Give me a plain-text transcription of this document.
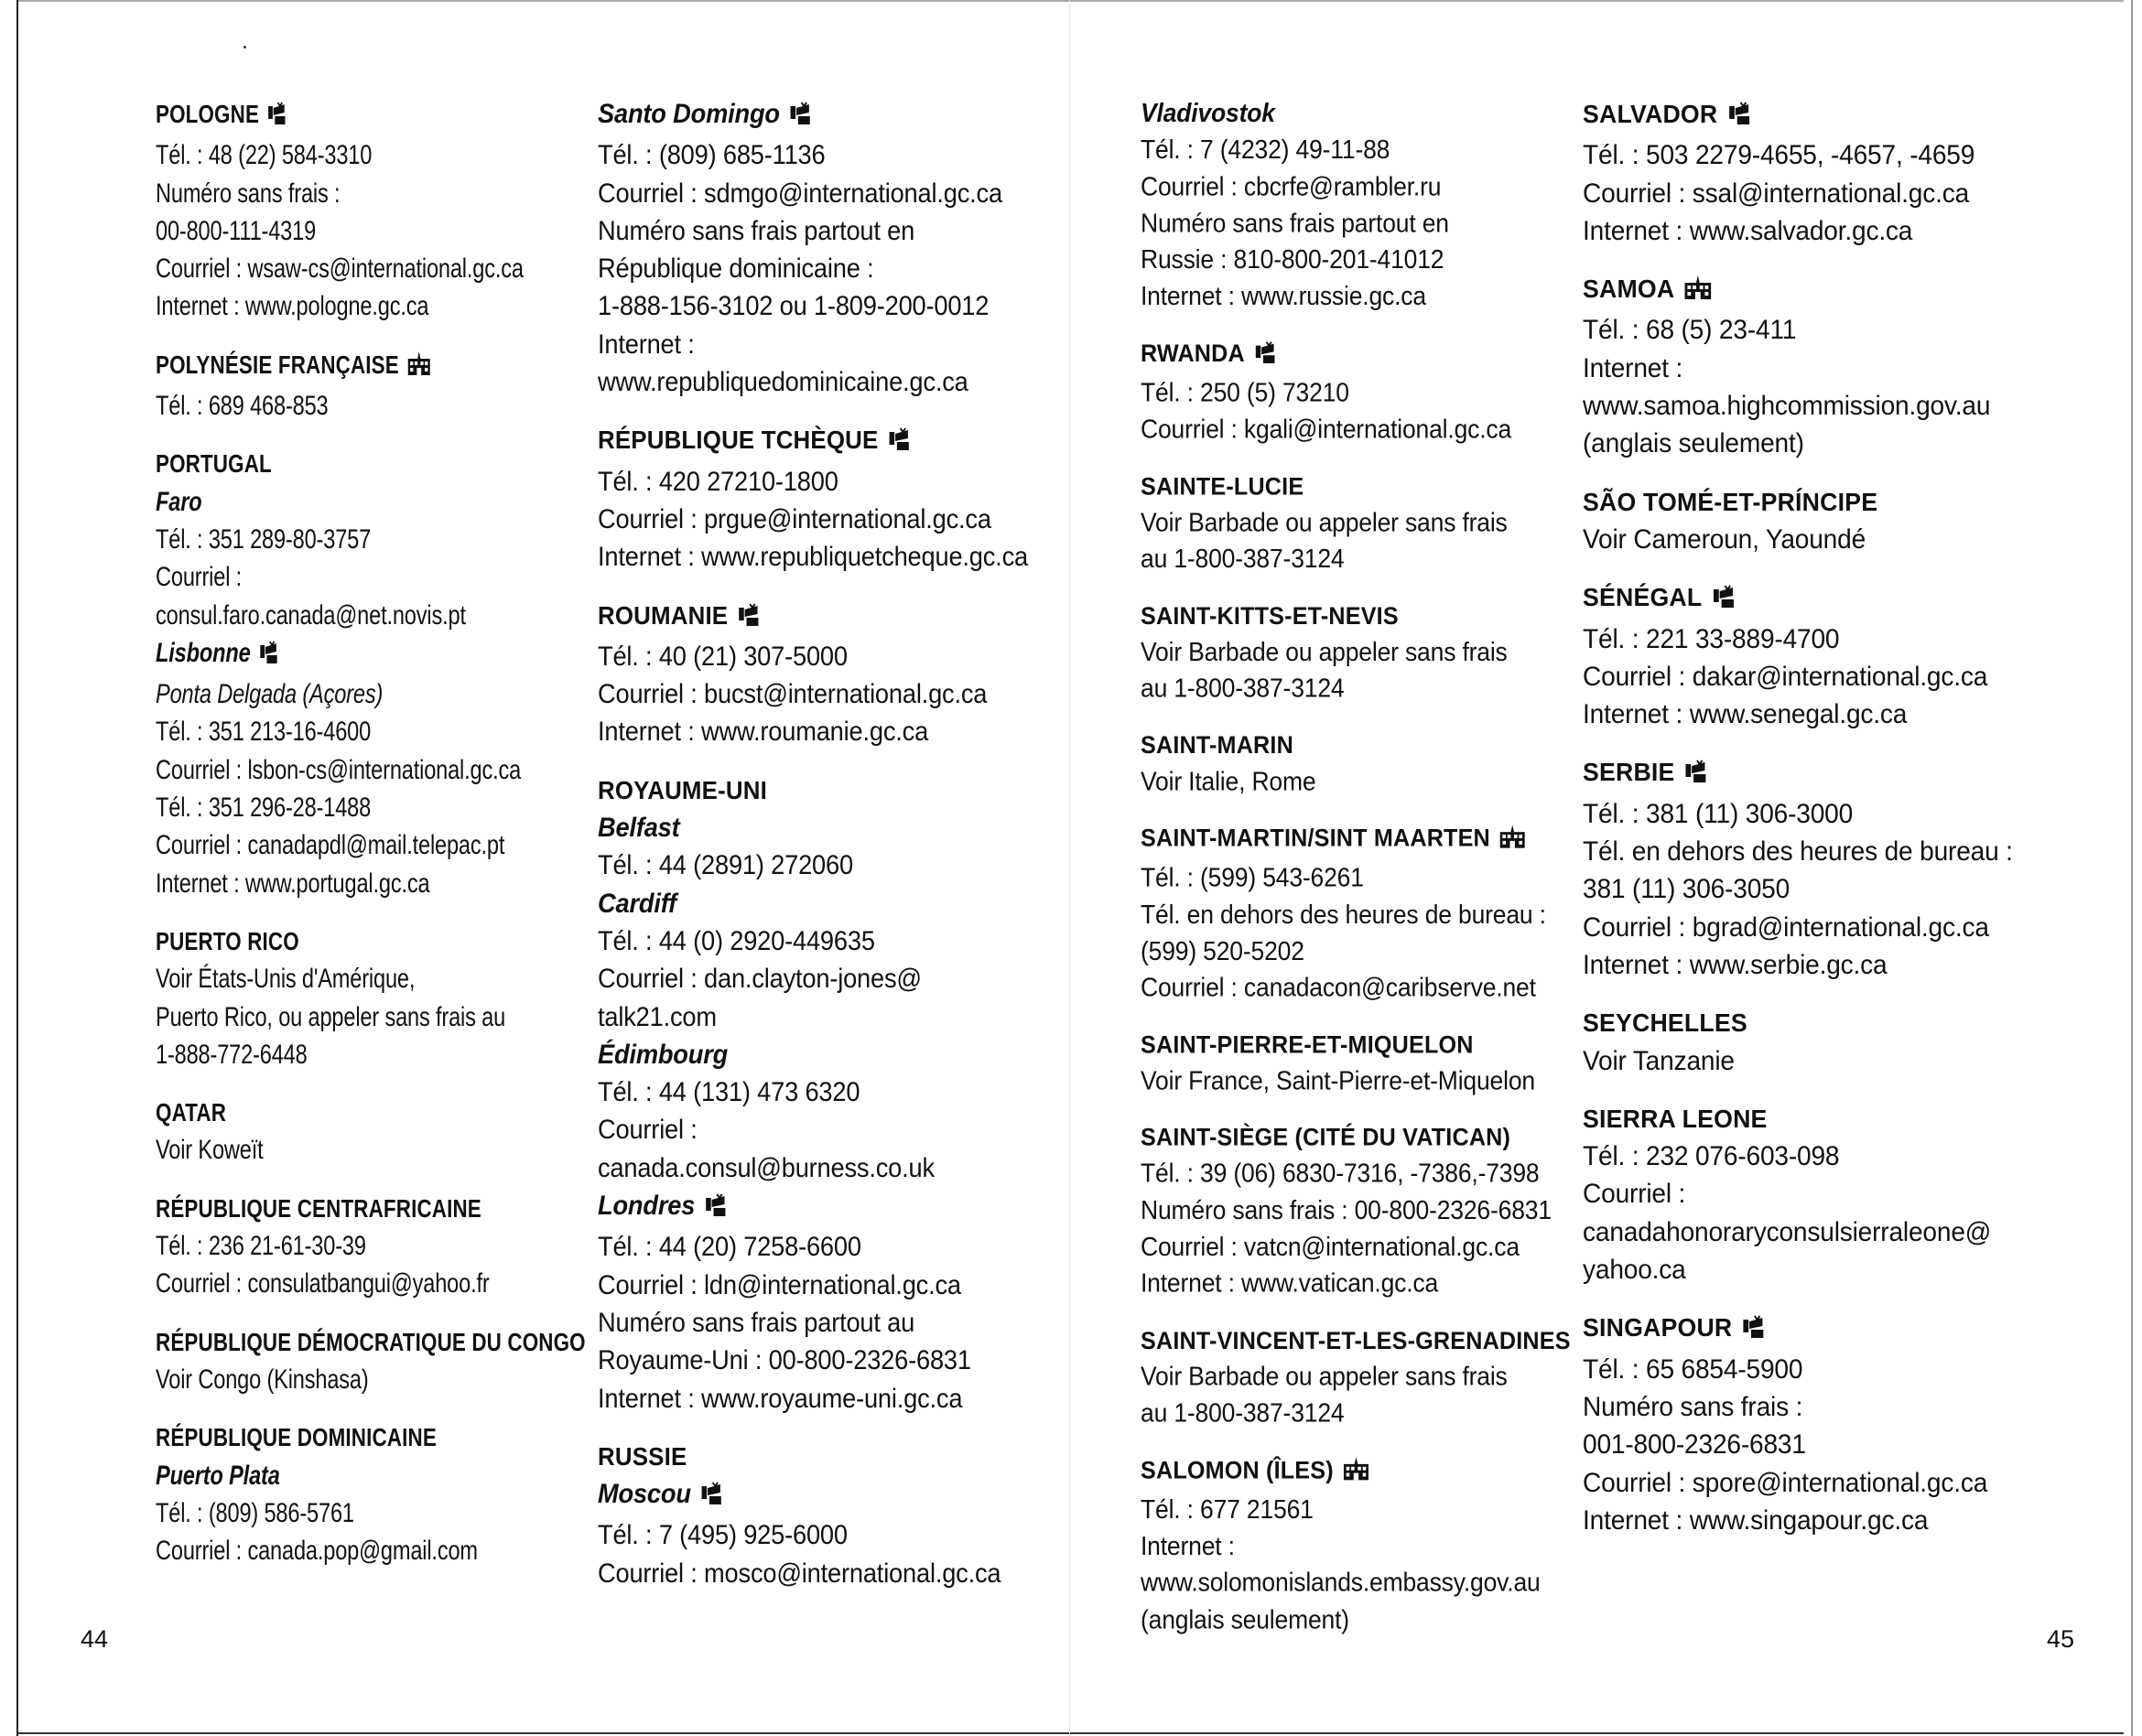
POLOGNE
Tél. : 48 (22) 584-3310
Numéro sans frais :
00-800-111-4319
Courriel : wsaw-cs@international.gc.ca
Internet : www.pologne.gc.ca
POLYNÉSIE FRANÇAISE
Tél. : 689 468-853
PORTUGAL
Faro
Tél. : 351 289-80-3757
Courriel :
consul.faro.canada@net.novis.pt
Lisbonne
Ponta Delgada (Açores)
Tél. : 351 213-16-4600
Courriel : lsbon-cs@international.gc.ca
Tél. : 351 296-28-1488
Courriel : canadapdl@mail.telepac.pt
Internet : www.portugal.gc.ca
PUERTO RICO
Voir États-Unis d'Amérique,
Puerto Rico, ou appeler sans frais au
1-888-772-6448
QATAR
Voir Koweït
RÉPUBLIQUE CENTRAFRICAINE
Tél. : 236 21-61-30-39
Courriel : consulatbangui@yahoo.fr
RÉPUBLIQUE DÉMOCRATIQUE DU CONGO
Voir Congo (Kinshasa)
RÉPUBLIQUE DOMINICAINE
Puerto Plata
Tél. : (809) 586-5761
Courriel : canada.pop@gmail.com
Santo Domingo
Tél. : (809) 685-1136
Courriel : sdmgo@international.gc.ca
Numéro sans frais partout en
République dominicaine :
1-888-156-3102 ou 1-809-200-0012
Internet :
www.republiquedominicaine.gc.ca
RÉPUBLIQUE TCHÈQUE
Tél. : 420 27210-1800
Courriel : prgue@international.gc.ca
Internet : www.republiquetcheque.gc.ca
ROUMANIE
Tél. : 40 (21) 307-5000
Courriel : bucst@international.gc.ca
Internet : www.roumanie.gc.ca
ROYAUME-UNI
Belfast
Tél. : 44 (2891) 272060
Cardiff
Tél. : 44 (0) 2920-449635
Courriel : dan.clayton-jones@
talk21.com
Édimbourg
Tél. : 44 (131) 473 6320
Courriel :
canada.consul@burness.co.uk
Londres
Tél. : 44 (20) 7258-6600
Courriel : ldn@international.gc.ca
Numéro sans frais partout au
Royaume-Uni : 00-800-2326-6831
Internet : www.royaume-uni.gc.ca
RUSSIE
Moscou
Tél. : 7 (495) 925-6000
Courriel : mosco@international.gc.ca
Vladivostok
Tél. : 7 (4232) 49-11-88
Courriel : cbcrfe@rambler.ru
Numéro sans frais partout en
Russie : 810-800-201-41012
Internet : www.russie.gc.ca
RWANDA
Tél. : 250 (5) 73210
Courriel : kgali@international.gc.ca
SAINTE-LUCIE
Voir Barbade ou appeler sans frais
au 1-800-387-3124
SAINT-KITTS-ET-NEVIS
Voir Barbade ou appeler sans frais
au 1-800-387-3124
SAINT-MARIN
Voir Italie, Rome
SAINT-MARTIN/SINT MAARTEN
Tél. : (599) 543-6261
Tél. en dehors des heures de bureau :
(599) 520-5202
Courriel : canadacon@caribserve.net
SAINT-PIERRE-ET-MIQUELON
Voir France, Saint-Pierre-et-Miquelon
SAINT-SIÈGE (CITÉ DU VATICAN)
Tél. : 39 (06) 6830-7316, -7386,-7398
Numéro sans frais : 00-800-2326-6831
Courriel : vatcn@international.gc.ca
Internet : www.vatican.gc.ca
SAINT-VINCENT-ET-LES-GRENADINES
Voir Barbade ou appeler sans frais
au 1-800-387-3124
SALOMON (ÎLES)
Tél. : 677 21561
Internet :
www.solomonislands.embassy.gov.au
(anglais seulement)
SALVADOR
Tél. : 503 2279-4655, -4657, -4659
Courriel : ssal@international.gc.ca
Internet : www.salvador.gc.ca
SAMOA
Tél. : 68 (5) 23-411
Internet :
www.samoa.highcommission.gov.au
(anglais seulement)
SÃO TOMÉ-ET-PRÍNCIPE
Voir Cameroun, Yaoundé
SÉNÉGAL
Tél. : 221 33-889-4700
Courriel : dakar@international.gc.ca
Internet : www.senegal.gc.ca
SERBIE
Tél. : 381 (11) 306-3000
Tél. en dehors des heures de bureau :
381 (11) 306-3050
Courriel : bgrad@international.gc.ca
Internet : www.serbie.gc.ca
SEYCHELLES
Voir Tanzanie
SIERRA LEONE
Tél. : 232 076-603-098
Courriel :
canadahonoraryconsulsierraleone@
yahoo.ca
SINGAPOUR
Tél. : 65 6854-5900
Numéro sans frais :
001-800-2326-6831
Courriel : spore@international.gc.ca
Internet : www.singapour.gc.ca
44	45
